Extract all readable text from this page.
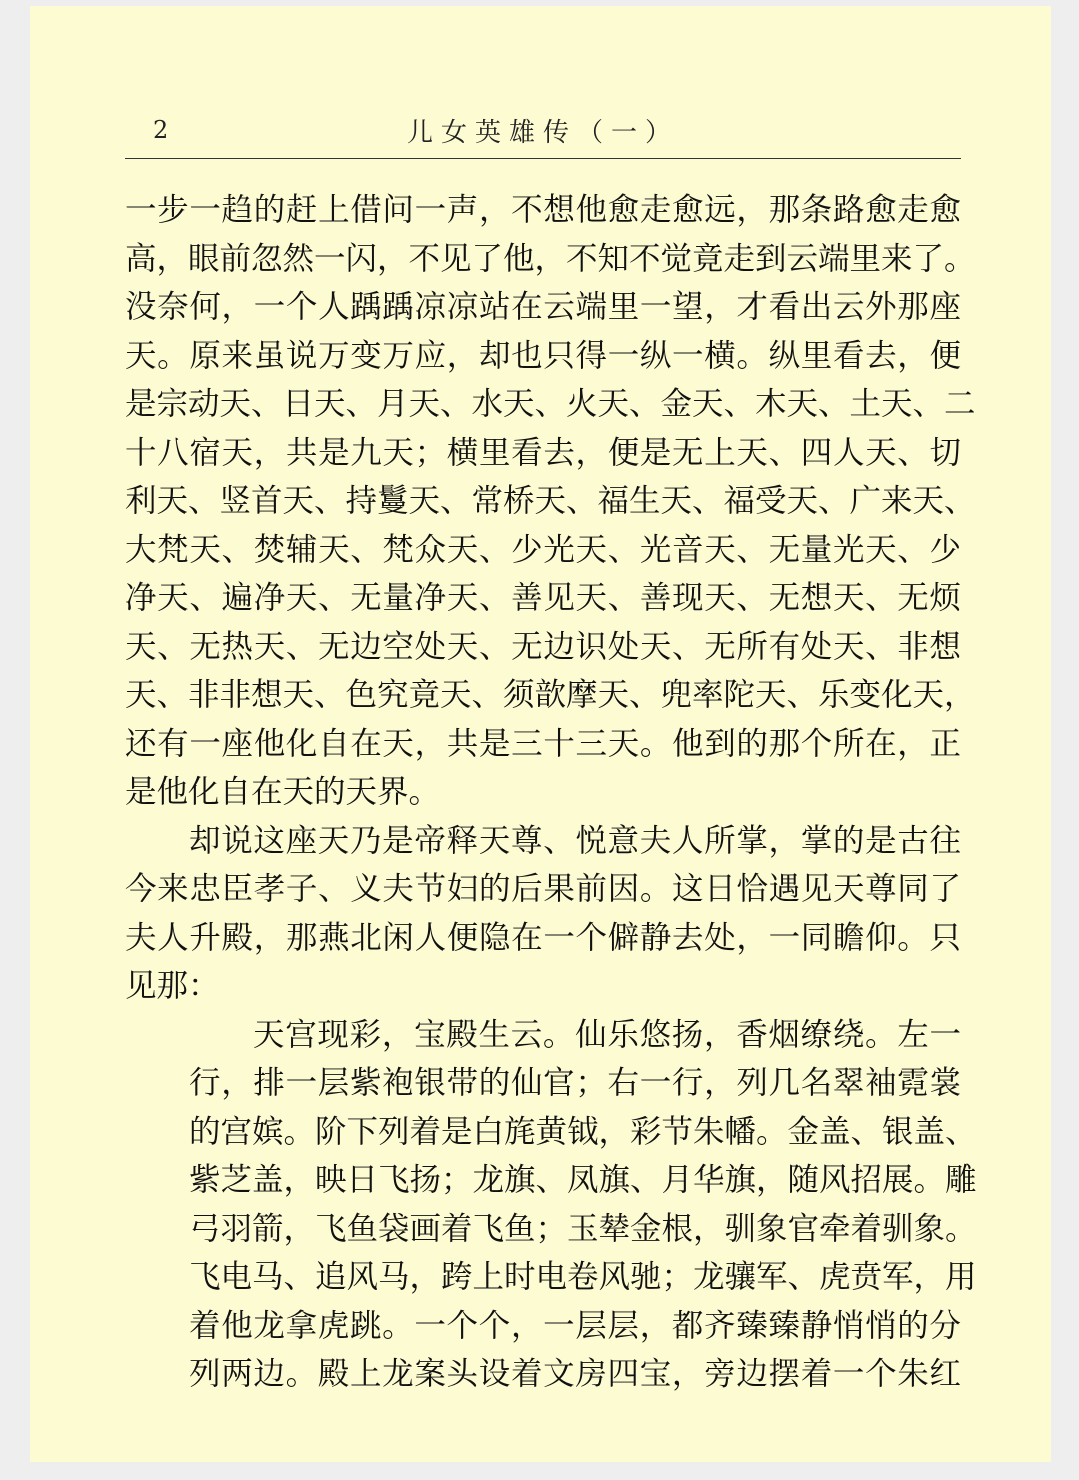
2	儿女英雄传（一）
一步一趋的赶上借问一声，不想他愈走愈远，那条路愈走愈
高，眼前忽然一闪，不见了他，不知不觉竟走到云端里来了。
没奈何，一个人踽踽凉凉站在云端里一望，才看出云外那座
天。原来虽说万变万应，却也只得一纵一横。纵里看去，便
是宗动天、日天、月天、水天、火天、金天、木天、土天、二
十八宿天，共是九天；横里看去，便是无上天、四人天、切
利天、竖首天、持鬘天、常桥天、福生天、福受天、广来天、
大梵天、焚辅天、梵众天、少光天、光音天、无量光天、少
净天、遍净天、无量净天、善见天、善现天、无想天、无烦
天、无热天、无边空处天、无边识处天、无所有处天、非想
天、非非想天、色究竟天、须歆摩天、兜率陀天、乐变化天，
还有一座他化自在天，共是三十三天。他到的那个所在，正
是他化自在天的天界。
却说这座天乃是帝释天尊、悦意夫人所掌，掌的是古往
今来忠臣孝子、义夫节妇的后果前因。这日恰遇见天尊同了
夫人升殿，那燕北闲人便隐在一个僻静去处，一同瞻仰。只
见那：
天宫现彩，宝殿生云。仙乐悠扬，香烟缭绕。左一
行，排一层紫袍银带的仙官；右一行，列几名翠袖霓裳
的宫嫔。阶下列着是白旄黄钺，彩节朱幡。金盖、银盖、
紫芝盖，映日飞扬；龙旗、凤旗、月华旗，随风招展。雕
弓羽箭，飞鱼袋画着飞鱼；玉辇金根，驯象官牵着驯象。
飞电马、追风马，跨上时电卷风驰；龙骧军、虎贲军，用
着他龙拿虎跳。一个个，一层层，都齐臻臻静悄悄的分
列两边。殿上龙案头设着文房四宝，旁边摆着一个朱红
